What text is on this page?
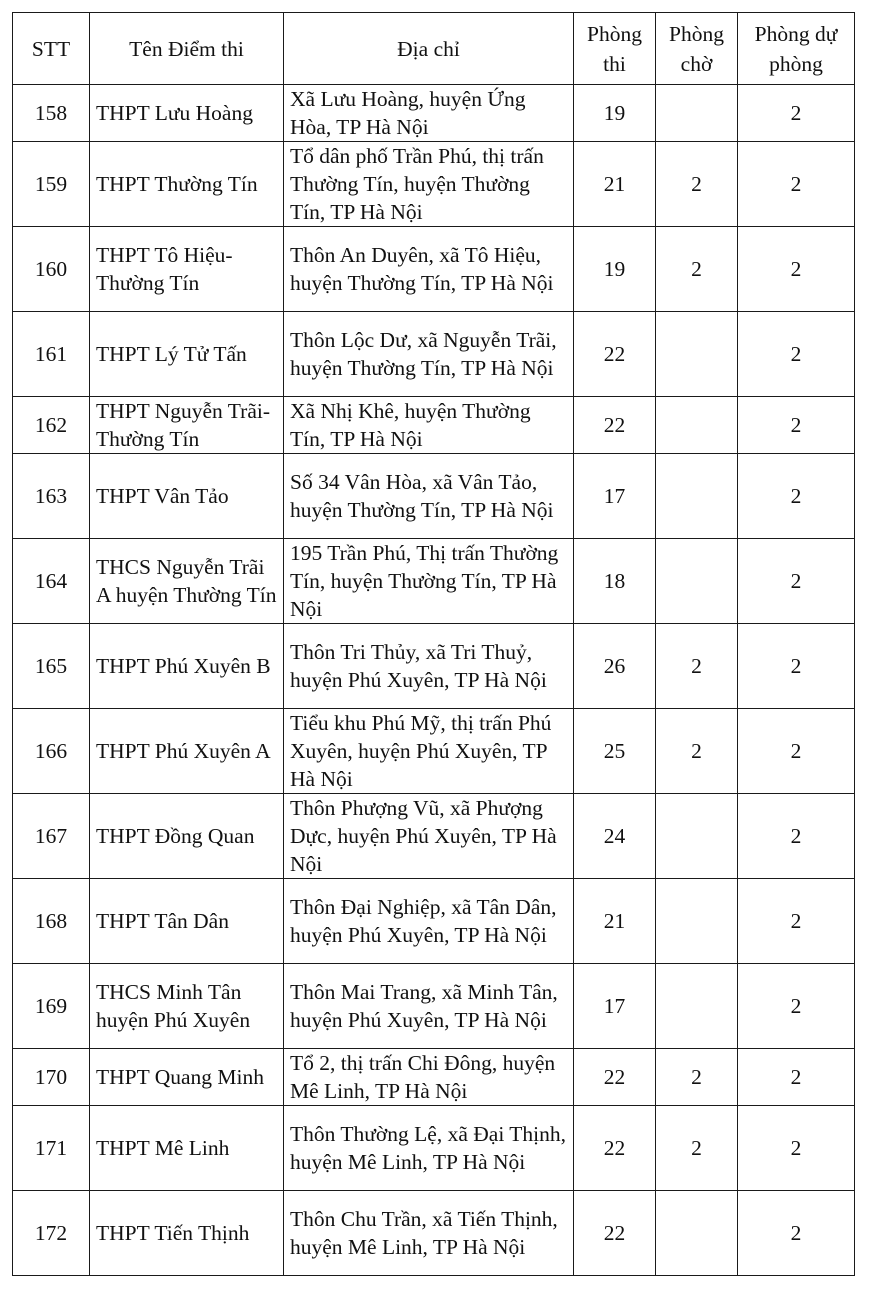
STT	Tên Điểm thi	Địa chỉ	Phòng thi	Phòng chờ	Phòng dự phòng
158	THPT Lưu Hoàng	Xã Lưu Hoàng, huyện Ứng Hòa, TP Hà Nội	19		2
159	THPT Thường Tín	Tổ dân phố Trần Phú, thị trấn Thường Tín, huyện Thường Tín, TP Hà Nội	21	2	2
160	THPT Tô Hiệu-Thường Tín	Thôn An Duyên, xã Tô Hiệu, huyện Thường Tín, TP Hà Nội	19	2	2
161	THPT Lý Tử Tấn	Thôn Lộc Dư, xã Nguyễn Trãi, huyện Thường Tín, TP Hà Nội	22		2
162	THPT Nguyễn Trãi-Thường Tín	Xã Nhị Khê, huyện Thường Tín, TP Hà Nội	22		2
163	THPT Vân Tảo	Số 34 Vân Hòa, xã Vân Tảo, huyện Thường Tín, TP Hà Nội	17		2
164	THCS Nguyễn Trãi A huyện Thường Tín	195 Trần Phú, Thị trấn Thường Tín, huyện Thường Tín, TP Hà Nội	18		2
165	THPT Phú Xuyên B	Thôn Tri Thủy, xã Tri Thuỷ, huyện Phú Xuyên, TP Hà Nội	26	2	2
166	THPT Phú Xuyên A	Tiểu khu Phú Mỹ, thị trấn Phú Xuyên, huyện Phú Xuyên, TP Hà Nội	25	2	2
167	THPT Đồng Quan	Thôn Phượng Vũ, xã Phượng Dực, huyện Phú Xuyên, TP Hà Nội	24		2
168	THPT Tân Dân	Thôn Đại Nghiệp, xã Tân Dân, huyện Phú Xuyên, TP Hà Nội	21		2
169	THCS Minh Tân huyện Phú Xuyên	Thôn Mai Trang, xã Minh Tân, huyện Phú Xuyên, TP Hà Nội	17		2
170	THPT Quang Minh	Tổ 2, thị trấn Chi Đông, huyện Mê Linh, TP Hà Nội	22	2	2
171	THPT Mê Linh	Thôn Thường Lệ, xã Đại Thịnh, huyện Mê Linh, TP Hà Nội	22	2	2
172	THPT Tiến Thịnh	Thôn Chu Trần, xã Tiến Thịnh, huyện Mê Linh, TP Hà Nội	22		2
